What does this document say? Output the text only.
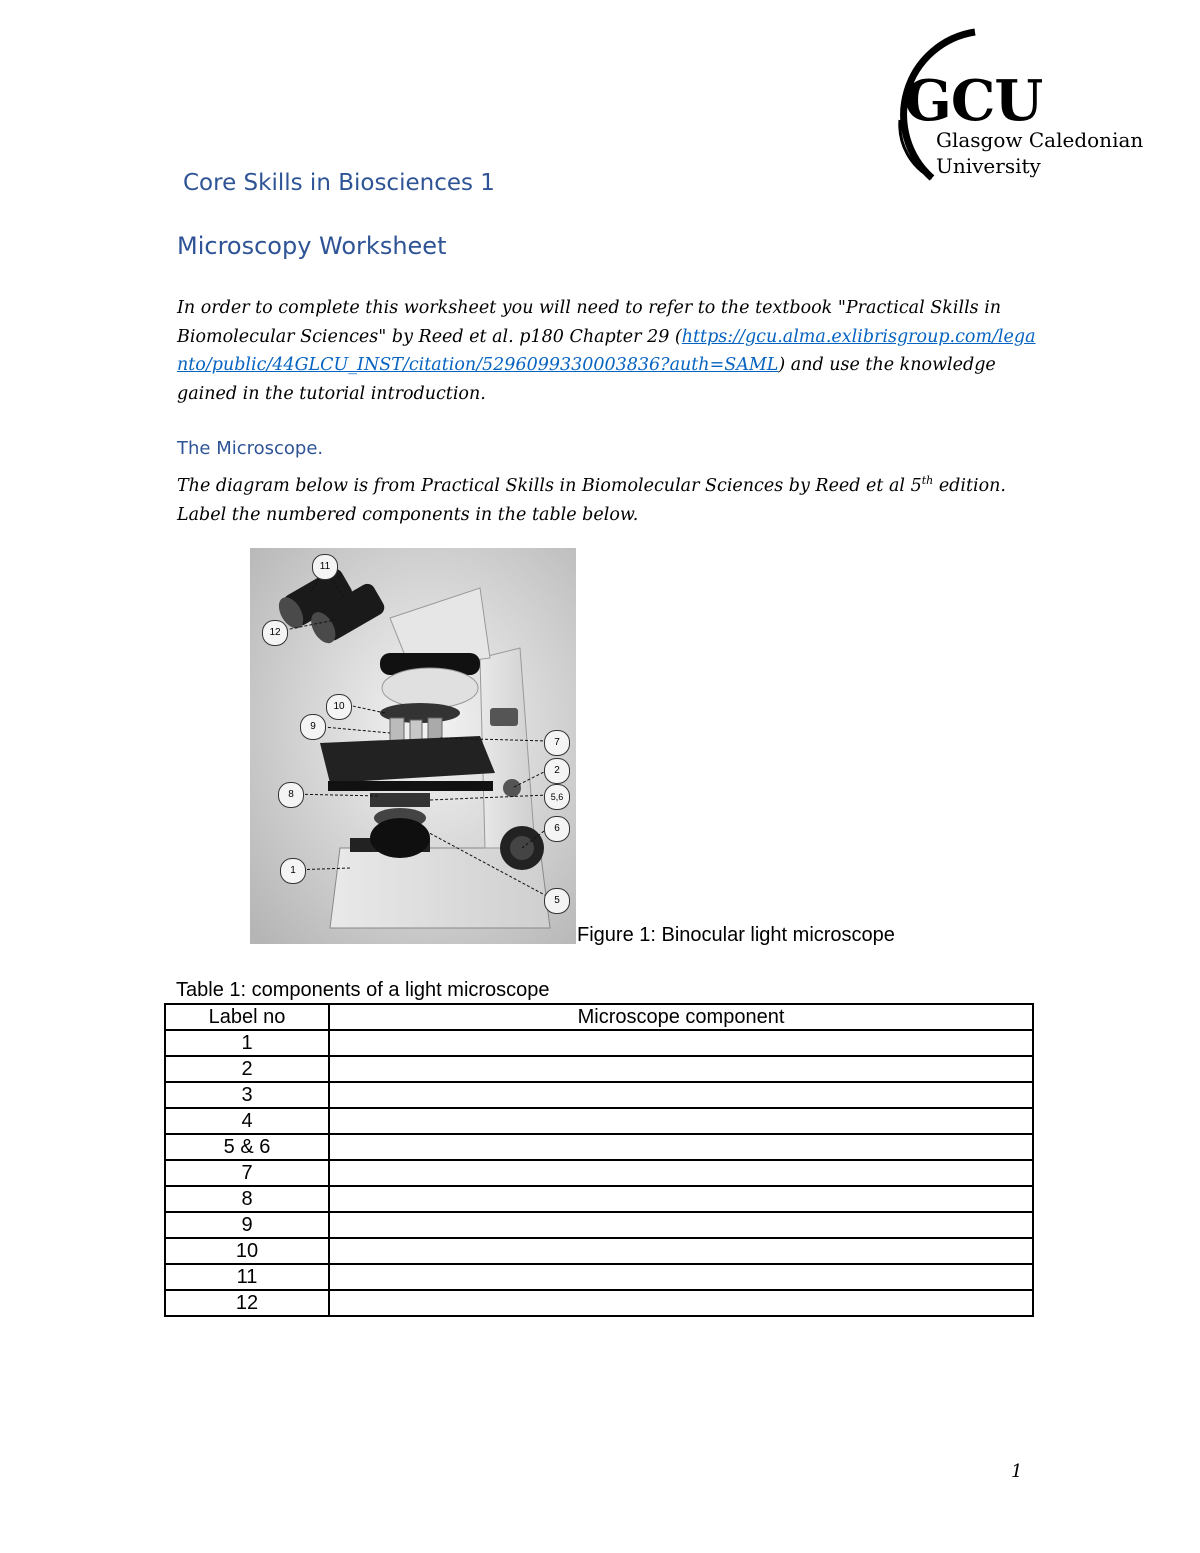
GCU
Glasgow Caledonian
University
Core Skills in Biosciences 1
Microscopy Worksheet
In order to complete this worksheet you will need to refer to the textbook "Practical Skills in Biomolecular Sciences" by Reed et al. p180 Chapter 29 (https://gcu.alma.exlibrisgroup.com/leganto/public/44GLCU_INST/citation/5296099330003836?auth=SAML) and use the knowledge gained in the tutorial introduction.
The Microscope.
The diagram below is from Practical Skills in Biomolecular Sciences by Reed et al 5th edition. Label the numbered components in the table below.
11
12
10
9
8
7
2
5,6
6
1
5
Figure 1: Binocular light microscope
Table 1: components of a light microscope
Label no	Microscope component
1	
2	
3	
4	
5 & 6	
7	
8	
9	
10	
11	
12	
1
